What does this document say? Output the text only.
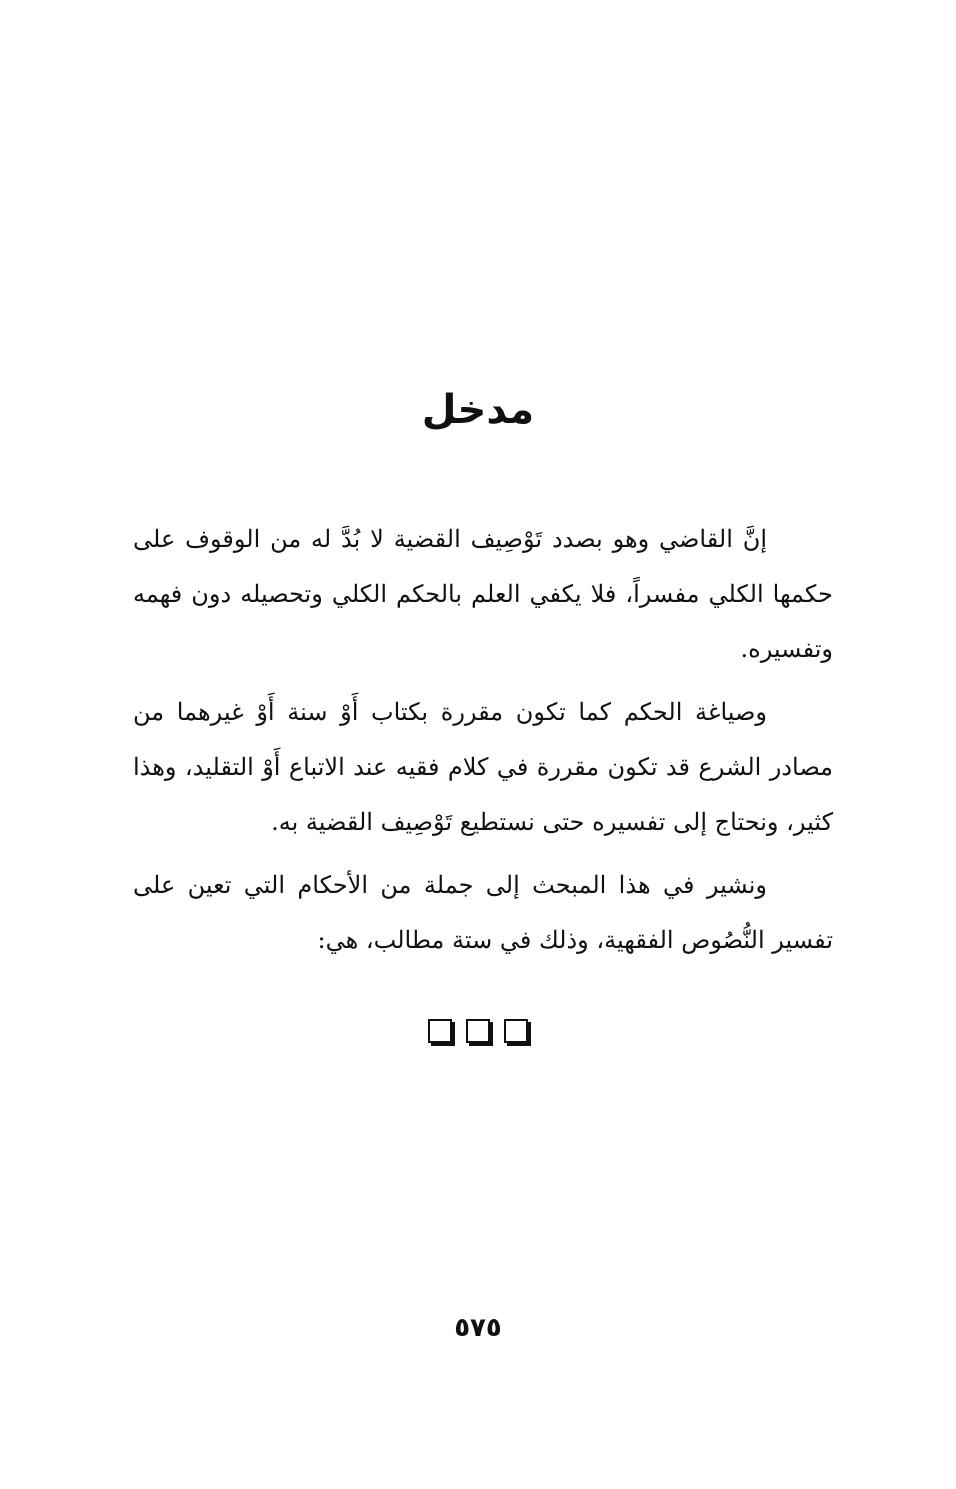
مدخل

إنَّ القاضي وهو بصدد تَوْصِيف القضية لا بُدَّ له من الوقوف على حكمها الكلي مفسراً، فلا يكفي العلم بالحكم الكلي وتحصيله دون فهمه وتفسيره.

وصياغة الحكم كما تكون مقررة بكتاب أَوْ سنة أَوْ غيرهما من مصادر الشرع قد تكون مقررة في كلام فقيه عند الاتباع أَوْ التقليد، وهذا كثير، ونحتاج إلى تفسيره حتى نستطيع تَوْصِيف القضية به.

ونشير في هذا المبحث إلى جملة من الأحكام التي تعين على تفسير النُّصُوص الفقهية، وذلك في ستة مطالب، هي:

٥٧٥
